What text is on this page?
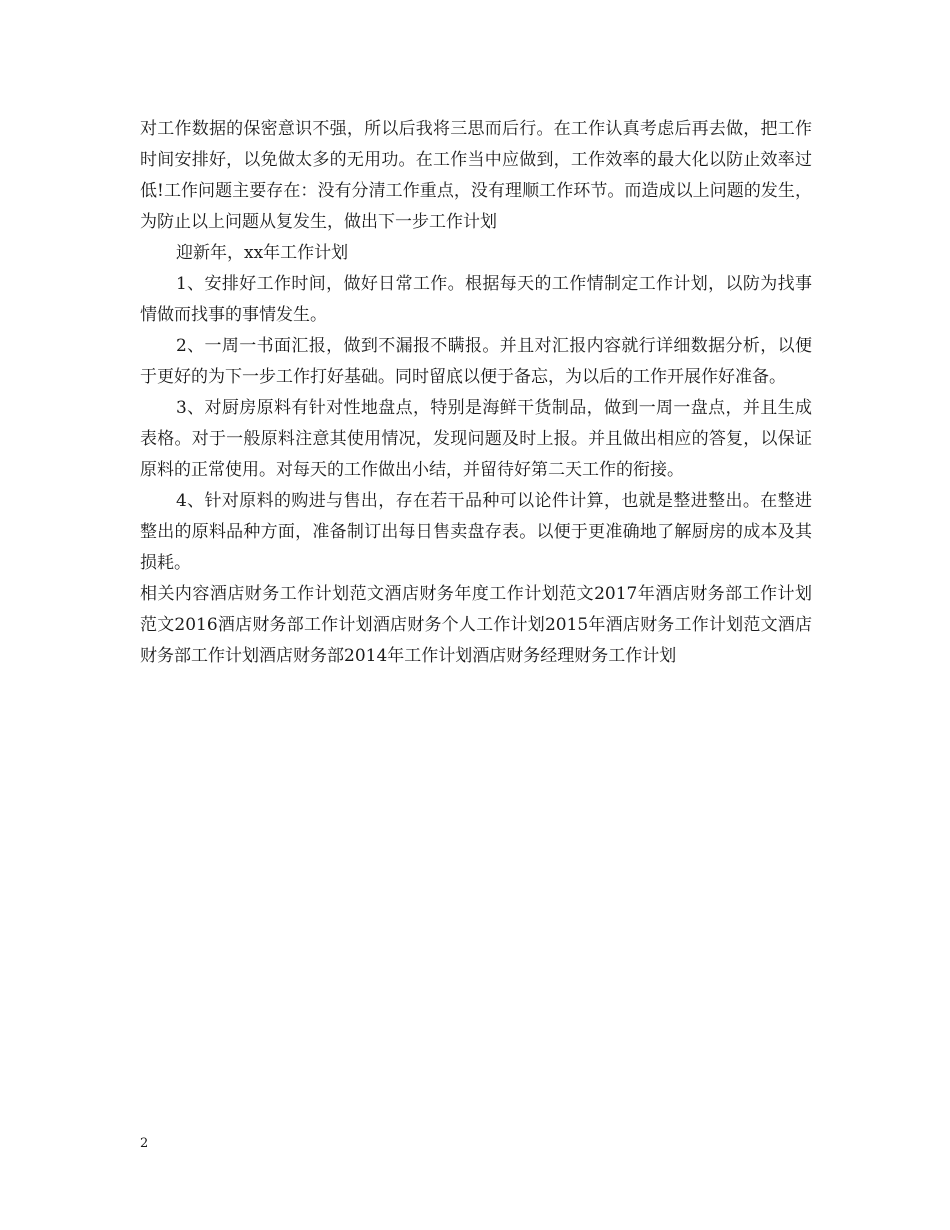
对工作数据的保密意识不强，所以后我将三思而后行。在工作认真考虑后再去做，把工作时间安排好，以免做太多的无用功。在工作当中应做到，工作效率的最大化以防止效率过低!工作问题主要存在：没有分清工作重点，没有理顺工作环节。而造成以上问题的发生，为防止以上问题从复发生，做出下一步工作计划

迎新年，xx年工作计划

1、安排好工作时间，做好日常工作。根据每天的工作情制定工作计划，以防为找事情做而找事的事情发生。

2、一周一书面汇报，做到不漏报不瞒报。并且对汇报内容就行详细数据分析，以便于更好的为下一步工作打好基础。同时留底以便于备忘，为以后的工作开展作好准备。

3、对厨房原料有针对性地盘点，特别是海鲜干货制品，做到一周一盘点，并且生成表格。对于一般原料注意其使用情况，发现问题及时上报。并且做出相应的答复，以保证原料的正常使用。对每天的工作做出小结，并留待好第二天工作的衔接。

4、针对原料的购进与售出，存在若干品种可以论件计算，也就是整进整出。在整进整出的原料品种方面，准备制订出每日售卖盘存表。以便于更准确地了解厨房的成本及其损耗。

相关内容酒店财务工作计划范文酒店财务年度工作计划范文2017年酒店财务部工作计划范文2016酒店财务部工作计划酒店财务个人工作计划2015年酒店财务工作计划范文酒店财务部工作计划酒店财务部2014年工作计划酒店财务经理财务工作计划

2
